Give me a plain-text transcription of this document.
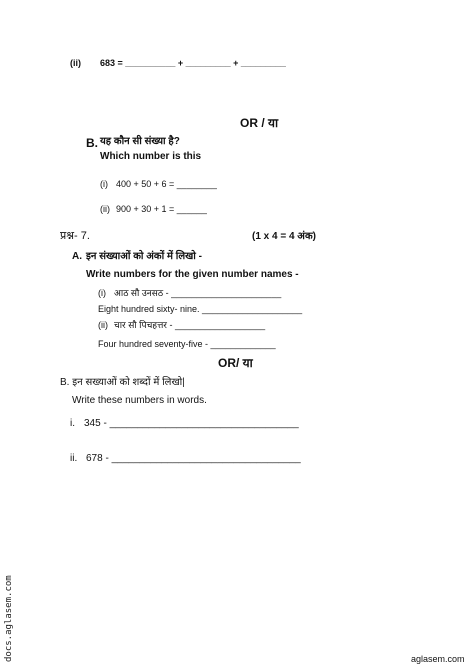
(ii) 683 = __________ + _________ + _________
OR / या
B. यह कौन सी संख्या है?
Which number is this
(i) 400 + 50 + 6 = ________
(ii) 900 + 30 + 1 = ______
प्रश्न- 7.	(1 x 4 = 4 अंक)
A. इन संख्याओं को अंकों में लिखो -
Write numbers for the given number names -
(i) आठ सौ उनसठ - ______________________
Eight hundred sixty- nine. ____________________
(ii) चार सौ पिचहत्तर - __________________
Four hundred seventy-five - _____________
OR/ या
B. इन सख्याओं को शब्दों में लिखो|
Write these numbers in words.
i. 345 - __________________________________
ii. 678 - __________________________________
docs.aglasem.com	aglasem.com
